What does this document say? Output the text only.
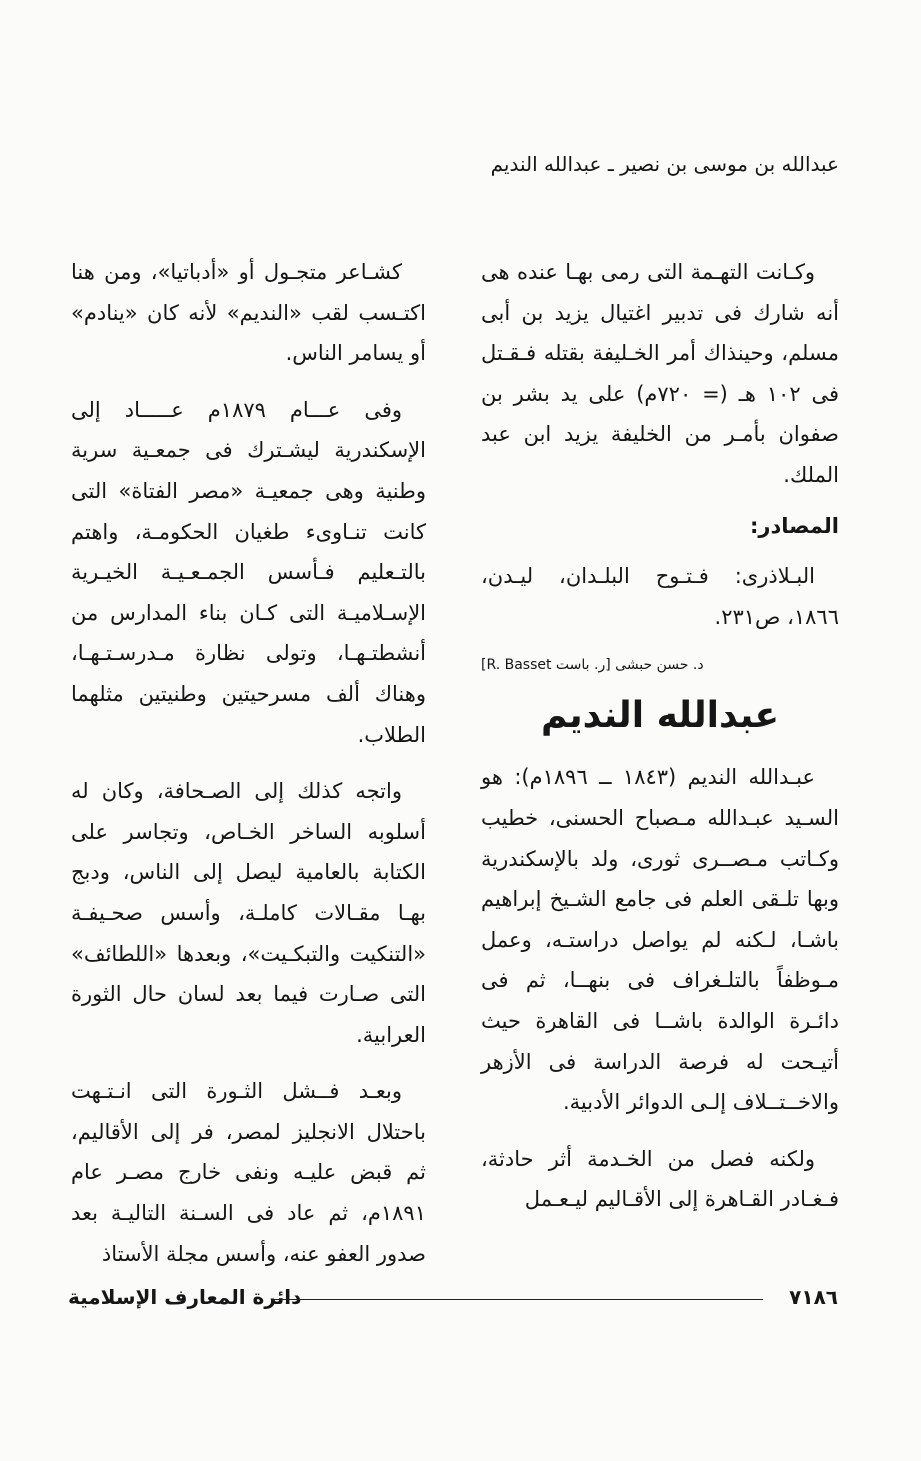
عبدالله بن موسى بن نصير ـ عبدالله النديم

وكـانت التهـمة التى رمى بهـا عنده هى أنه شارك فى تدبير اغتيال يزيد بن أبى مسلم، وحينذاك أمر الخـليفة بقتله فـقـتل فى ١٠٢ هـ (= ٧٢٠م) على يد بشر بن صفوان بأمـر من الخليفة يزيد ابن عبد الملك.

المصادر:

البـلاذرى: فـتـوح البلـدان، ليـدن، ١٨٦٦، ص٢٣١.

د. حسن حبشى [ر. باست R. Basset]

عبدالله النديم

عبـدالله النديم (١٨٤٣ ــ ١٨٩٦م): هو السـيد عبـدالله مـصباح الحسنى، خطيب وكـاتب مـصــرى ثورى، ولد بالإسكندرية وبها تلـقى العلم فى جامع الشـيخ إبراهيم باشـا، لـكنه لم يواصل دراستـه، وعمل مـوظفاً بالتلـغراف فى بنهــا، ثم فى دائـرة الوالدة باشــا فى القاهرة حيث أتيـحت له فرصة الدراسة فى الأزهر والاخــتــلاف إلـى الدوائر الأدبية.

ولكنه فصل من الخـدمة أثر حادثة، فـغـادر القـاهرة إلى الأقـاليم ليـعـمل

كشـاعر متجـول أو «أدباتيا»، ومن هنا اكتـسب لقب «النديم» لأنه كان «ينادم» أو يسامر الناس.

وفى عـــام ١٨٧٩م عـــــاد إلى الإسكندرية ليشـترك فى جمعـية سرية وطنية وهى جمعيـة «مصر الفتاة» التى كانت تنـاوىء طغيان الحكومـة، واهتم بالتـعليم فـأسس الجمـعـيـة الخيـرية الإسـلاميـة التى كـان بناء المدارس من أنشطتـهـا، وتولى نظارة مـدرسـتـهـا، وهناك ألف مسرحيتين وطنيتين مثلهما الطلاب.

واتجه كذلك إلى الصـحافة، وكان له أسلوبه الساخر الخـاص، وتجاسر على الكتابة بالعامية ليصل إلى الناس، ودبج بهـا مقـالات كاملـة، وأسس صحـيفـة «التنكيت والتبكـيت»، وبعدها «اللطائف» التى صـارت فيما بعد لسان حال الثورة العرابية.

وبعـد فــشل الثـورة التى انـتـهت باحتلال الانجليز لمصر، فر إلى الأقاليم، ثم قبض عليـه ونفى خارج مصـر عام ١٨٩١م، ثم عاد فى السـنة التاليـة بعد صدور العفو عنه، وأسس مجلة الأستاذ

دائرة المعارف الإسلامية	٧١٨٦
